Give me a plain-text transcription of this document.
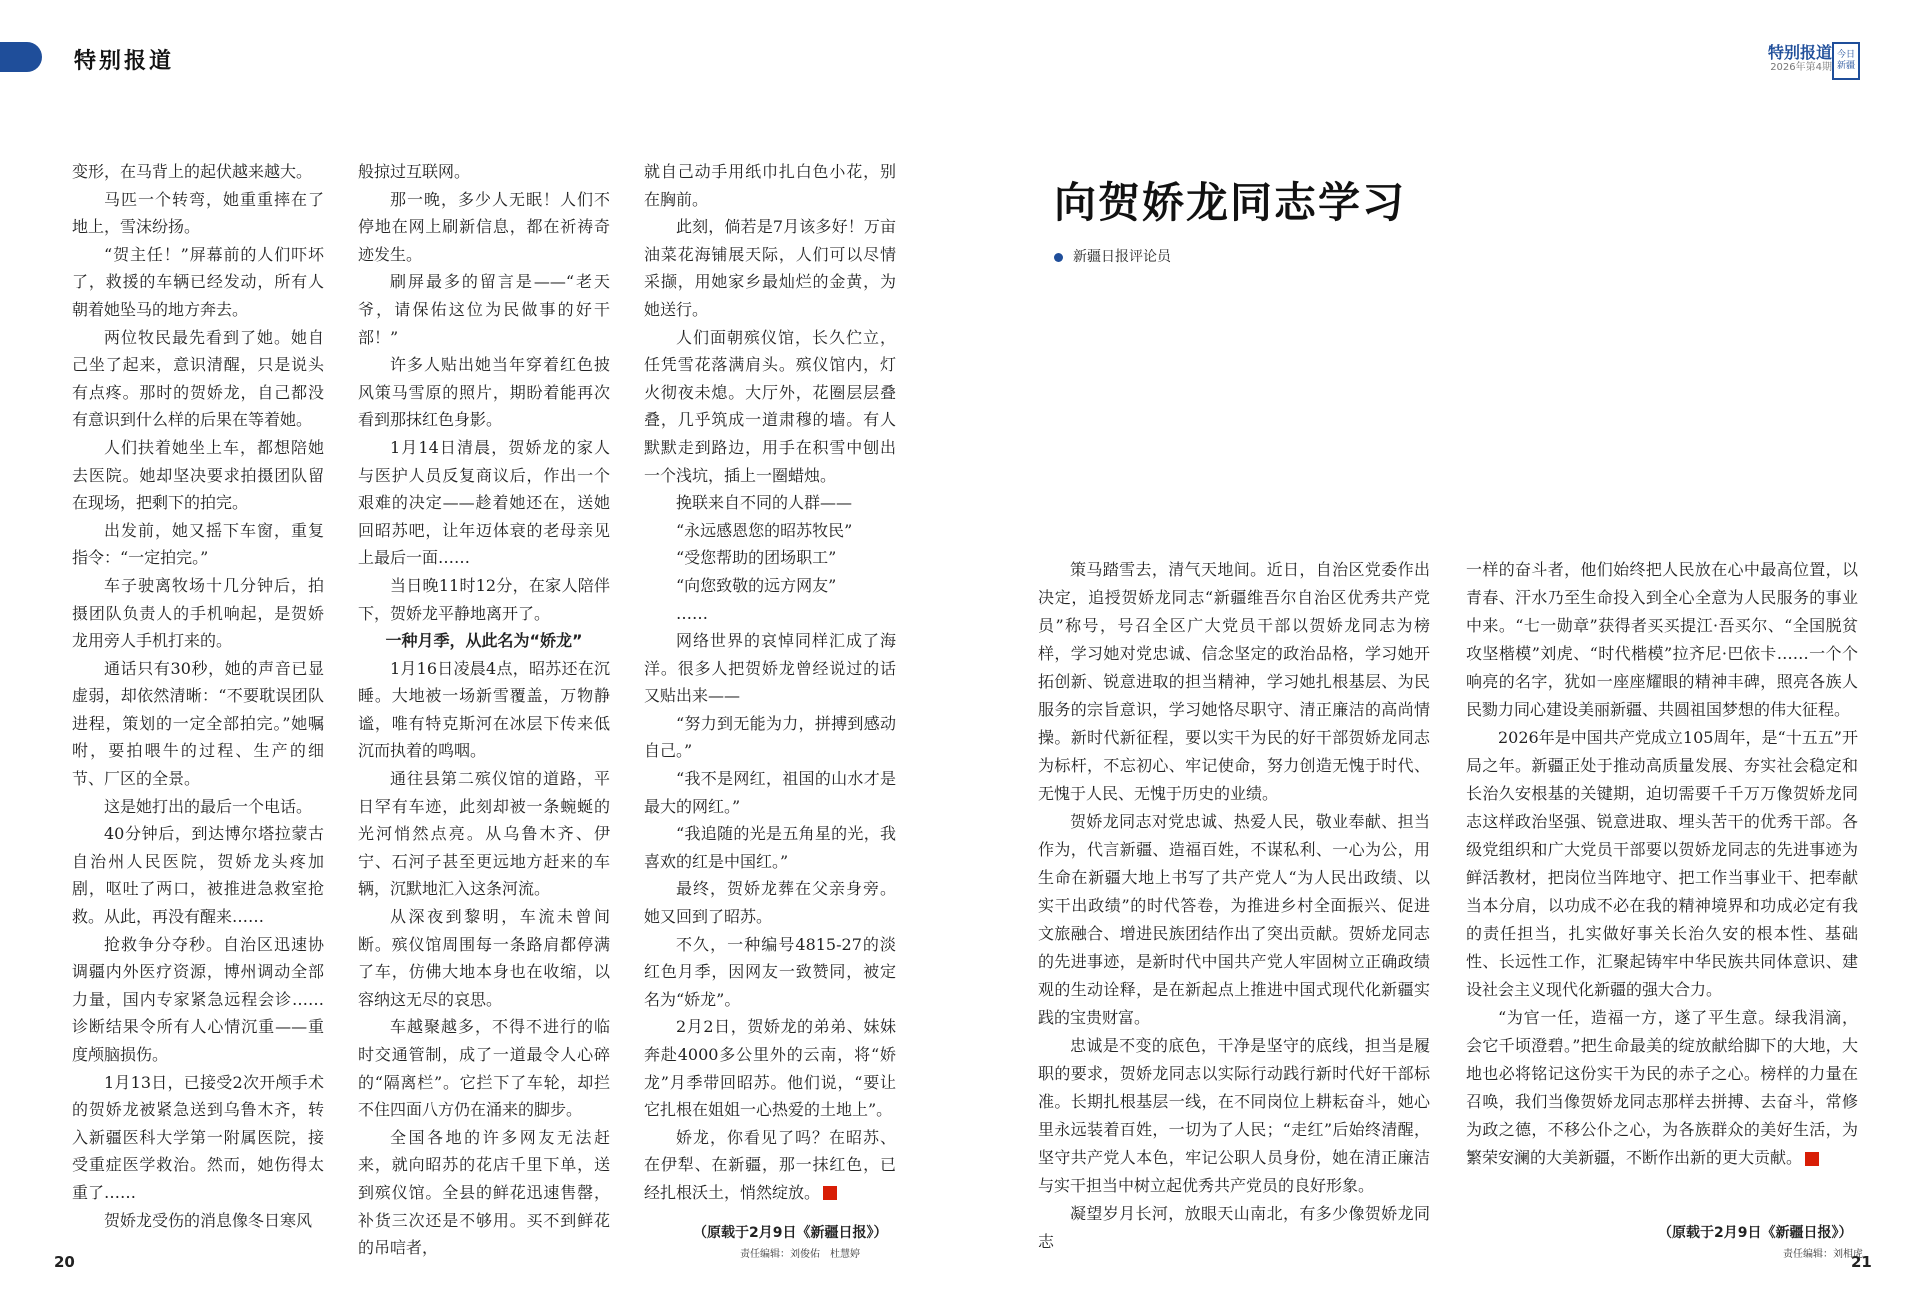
特别报道	特别报道
2026年第4期
今日新疆

变形，在马背上的起伏越来越大。

马匹一个转弯，她重重摔在了地上，雪沫纷扬。

“贺主任！”屏幕前的人们吓坏了，救援的车辆已经发动，所有人朝着她坠马的地方奔去。

两位牧民最先看到了她。她自己坐了起来，意识清醒，只是说头有点疼。那时的贺娇龙，自己都没有意识到什么样的后果在等着她。

人们扶着她坐上车，都想陪她去医院。她却坚决要求拍摄团队留在现场，把剩下的拍完。

出发前，她又摇下车窗，重复指令：“一定拍完。”

车子驶离牧场十几分钟后，拍摄团队负责人的手机响起，是贺娇龙用旁人手机打来的。

通话只有30秒，她的声音已显虚弱，却依然清晰：“不要耽误团队进程，策划的一定全部拍完。”她嘱咐，要拍喂牛的过程、生产的细节、厂区的全景。

这是她打出的最后一个电话。

40分钟后，到达博尔塔拉蒙古自治州人民医院，贺娇龙头疼加剧，呕吐了两口，被推进急救室抢救。从此，再没有醒来……

抢救争分夺秒。自治区迅速协调疆内外医疗资源，博州调动全部力量，国内专家紧急远程会诊……诊断结果令所有人心情沉重——重度颅脑损伤。

1月13日，已接受2次开颅手术的贺娇龙被紧急送到乌鲁木齐，转入新疆医科大学第一附属医院，接受重症医学救治。然而，她伤得太重了……

贺娇龙受伤的消息像冬日寒风

般掠过互联网。

那一晚，多少人无眠！人们不停地在网上刷新信息，都在祈祷奇迹发生。

刷屏最多的留言是——“老天爷，请保佑这位为民做事的好干部！”

许多人贴出她当年穿着红色披风策马雪原的照片，期盼着能再次看到那抹红色身影。

1月14日清晨，贺娇龙的家人与医护人员反复商议后，作出一个艰难的决定——趁着她还在，送她回昭苏吧，让年迈体衰的老母亲见上最后一面……

当日晚11时12分，在家人陪伴下，贺娇龙平静地离开了。

一种月季，从此名为“娇龙”

1月16日凌晨4点，昭苏还在沉睡。大地被一场新雪覆盖，万物静谧，唯有特克斯河在冰层下传来低沉而执着的鸣咽。

通往县第二殡仪馆的道路，平日罕有车迹，此刻却被一条蜿蜒的光河悄然点亮。从乌鲁木齐、伊宁、石河子甚至更远地方赶来的车辆，沉默地汇入这条河流。

从深夜到黎明，车流未曾间断。殡仪馆周围每一条路肩都停满了车，仿佛大地本身也在收缩，以容纳这无尽的哀思。

车越聚越多，不得不进行的临时交通管制，成了一道最令人心碎的“隔离栏”。它拦下了车轮，却拦不住四面八方仍在涌来的脚步。

全国各地的许多网友无法赶来，就向昭苏的花店千里下单，送到殡仪馆。全县的鲜花迅速售罄，补货三次还是不够用。买不到鲜花的吊唁者，

就自己动手用纸巾扎白色小花，别在胸前。

此刻，倘若是7月该多好！万亩油菜花海铺展天际，人们可以尽情采撷，用她家乡最灿烂的金黄，为她送行。

人们面朝殡仪馆，长久伫立，任凭雪花落满肩头。殡仪馆内，灯火彻夜未熄。大厅外，花圈层层叠叠，几乎筑成一道肃穆的墙。有人默默走到路边，用手在积雪中刨出一个浅坑，插上一圈蜡烛。

挽联来自不同的人群——

“永远感恩您的昭苏牧民”

“受您帮助的团场职工”

“向您致敬的远方网友”

……

网络世界的哀悼同样汇成了海洋。很多人把贺娇龙曾经说过的话又贴出来——

“努力到无能为力，拼搏到感动自己。”

“我不是网红，祖国的山水才是最大的网红。”

“我追随的光是五角星的光，我喜欢的红是中国红。”

最终，贺娇龙葬在父亲身旁。她又回到了昭苏。

不久，一种编号4815-27的淡红色月季，因网友一致赞同，被定名为“娇龙”。

2月2日，贺娇龙的弟弟、妹妹奔赴4000多公里外的云南，将“娇龙”月季带回昭苏。他们说，“要让它扎根在姐姐一心热爱的土地上”。

娇龙，你看见了吗？在昭苏、在伊犁、在新疆，那一抹红色，已经扎根沃土，悄然绽放。

（原载于2月9日《新疆日报》）
责任编辑：刘俊佑　杜慧婷
20
向贺娇龙同志学习
新疆日报评论员

策马踏雪去，清气天地间。近日，自治区党委作出决定，追授贺娇龙同志“新疆维吾尔自治区优秀共产党员”称号，号召全区广大党员干部以贺娇龙同志为榜样，学习她对党忠诚、信念坚定的政治品格，学习她开拓创新、锐意进取的担当精神，学习她扎根基层、为民服务的宗旨意识，学习她恪尽职守、清正廉洁的高尚情操。新时代新征程，要以实干为民的好干部贺娇龙同志为标杆，不忘初心、牢记使命，努力创造无愧于时代、无愧于人民、无愧于历史的业绩。

贺娇龙同志对党忠诚、热爱人民，敬业奉献、担当作为，代言新疆、造福百姓，不谋私利、一心为公，用生命在新疆大地上书写了共产党人“为人民出政绩、以实干出政绩”的时代答卷，为推进乡村全面振兴、促进文旅融合、增进民族团结作出了突出贡献。贺娇龙同志的先进事迹，是新时代中国共产党人牢固树立正确政绩观的生动诠释，是在新起点上推进中国式现代化新疆实践的宝贵财富。

忠诚是不变的底色，干净是坚守的底线，担当是履职的要求，贺娇龙同志以实际行动践行新时代好干部标准。长期扎根基层一线，在不同岗位上耕耘奋斗，她心里永远装着百姓，一切为了人民；“走红”后始终清醒，坚守共产党人本色，牢记公职人员身份，她在清正廉洁与实干担当中树立起优秀共产党员的良好形象。

凝望岁月长河，放眼天山南北，有多少像贺娇龙同志

一样的奋斗者，他们始终把人民放在心中最高位置，以青春、汗水乃至生命投入到全心全意为人民服务的事业中来。“七一勋章”获得者买买提江·吾买尔、“全国脱贫攻坚楷模”刘虎、“时代楷模”拉齐尼·巴依卡……一个个响亮的名字，犹如一座座耀眼的精神丰碑，照亮各族人民勠力同心建设美丽新疆、共圆祖国梦想的伟大征程。

2026年是中国共产党成立105周年，是“十五五”开局之年。新疆正处于推动高质量发展、夯实社会稳定和长治久安根基的关键期，迫切需要千千万万像贺娇龙同志这样政治坚强、锐意进取、埋头苦干的优秀干部。各级党组织和广大党员干部要以贺娇龙同志的先进事迹为鲜活教材，把岗位当阵地守、把工作当事业干、把奉献当本分肩，以功成不必在我的精神境界和功成必定有我的责任担当，扎实做好事关长治久安的根本性、基础性、长远性工作，汇聚起铸牢中华民族共同体意识、建设社会主义现代化新疆的强大合力。

“为官一任，造福一方，遂了平生意。绿我涓滴，会它千顷澄碧。”把生命最美的绽放献给脚下的大地，大地也必将铭记这份实干为民的赤子之心。榜样的力量在召唤，我们当像贺娇龙同志那样去拼搏、去奋斗，常修为政之德，不移公仆之心，为各族群众的美好生活，为繁荣安澜的大美新疆，不断作出新的更大贡献。

（原载于2月9日《新疆日报》）
责任编辑：刘相虎
21
